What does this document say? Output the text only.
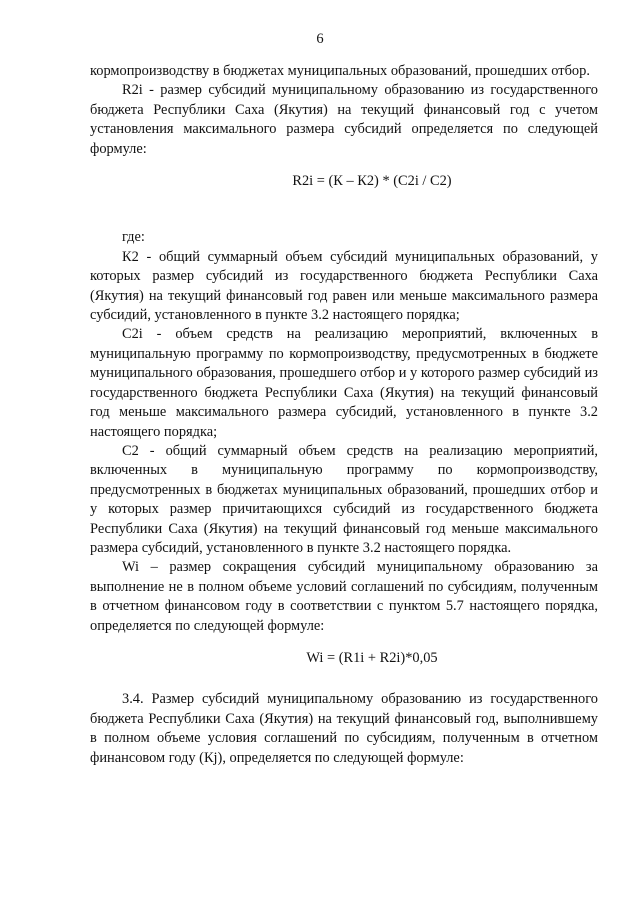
6

кормопроизводству в бюджетах муниципальных образований, прошедших отбор.

R2i - размер субсидий муниципальному образованию из государственного бюджета Республики Саха (Якутия) на текущий финансовый год с учетом установления максимального размера субсидий определяется по следующей формуле:

R2i = (К – К2) * (С2i / С2)

где:

К2 - общий суммарный объем субсидий муниципальных образований, у которых размер субсидий из государственного бюджета Республики Саха (Якутия) на текущий финансовый год равен или меньше максимального размера субсидий, установленного в пункте 3.2 настоящего порядка;

С2i - объем средств на реализацию мероприятий, включенных в муниципальную программу по кормопроизводству, предусмотренных в бюджете муниципального образования, прошедшего отбор и у которого размер субсидий из государственного бюджета Республики Саха (Якутия) на текущий финансовый год меньше максимального размера субсидий, установленного в пункте 3.2 настоящего порядка;

С2 - общий суммарный объем средств на реализацию мероприятий, включенных в муниципальную программу по кормопроизводству, предусмотренных в бюджетах муниципальных образований, прошедших отбор и у которых размер причитающихся субсидий из государственного бюджета Республики Саха (Якутия) на текущий финансовый год меньше максимального размера субсидий, установленного в пункте 3.2 настоящего порядка.

Wi – размер сокращения субсидий муниципальному образованию за выполнение не в полном объеме условий соглашений по субсидиям, полученным в отчетном финансовом году в соответствии с пунктом 5.7 настоящего порядка, определяется по следующей формуле:

Wi = (R1i + R2i)*0,05

3.4. Размер субсидий муниципальному образованию из государственного бюджета Республики Саха (Якутия) на текущий финансовый год, выполнившему в полном объеме условия соглашений по субсидиям, полученным в отчетном финансовом году (Кj), определяется по следующей формуле:
